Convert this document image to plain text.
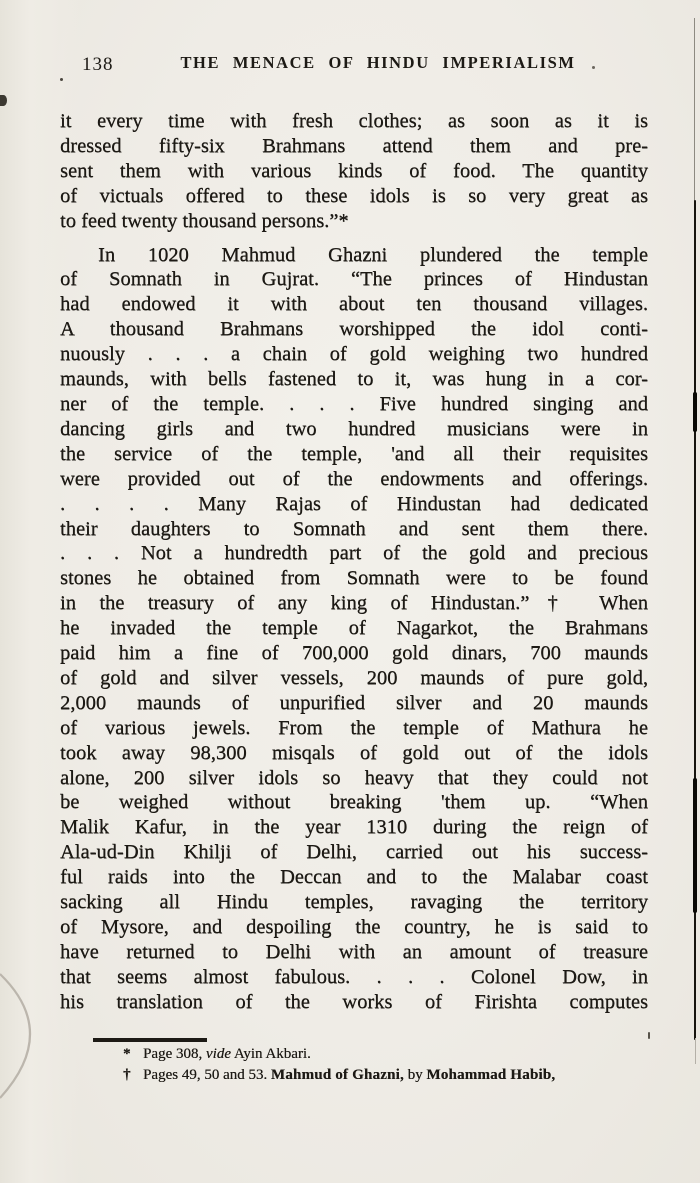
138	THE MENACE OF HINDU IMPERIALISM
it every time with fresh clothes; as soon as it is
dressed fifty-six Brahmans attend them and pre-
sent them with various kinds of food. The quantity
of victuals offered to these idols is so very great as
to feed twenty thousand persons.”*
In 1020 Mahmud Ghazni plundered the temple
of Somnath in Gujrat. “The princes of Hindustan
had endowed it with about ten thousand villages.
A thousand Brahmans worshipped the idol conti-
nuously . . . a chain of gold weighing two hundred
maunds, with bells fastened to it, was hung in a cor-
ner of the temple. . . . Five hundred singing and
dancing girls and two hundred musicians were in
the service of the temple, 'and all their requisites
were provided out of the endowments and offerings.
. . . . Many Rajas of Hindustan had dedicated
their daughters to Somnath and sent them there.
. . . Not a hundredth part of the gold and precious
stones he obtained from Somnath were to be found
in the treasury of any king of Hindustan.”† When
he invaded the temple of Nagarkot, the Brahmans
paid him a fine of 700,000 gold dinars, 700 maunds
of gold and silver vessels, 200 maunds of pure gold,
2,000 maunds of unpurified silver and 20 maunds
of various jewels. From the temple of Mathura he
took away 98,300 misqals of gold out of the idols
alone, 200 silver idols so heavy that they could not
be weighed without breaking 'them up. “When
Malik Kafur, in the year 1310 during the reign of
Ala-ud-Din Khilji of Delhi, carried out his success-
ful raids into the Deccan and to the Malabar coast
sacking all Hindu temples, ravaging the territory
of Mysore, and despoiling the country, he is said to
have returned to Delhi with an amount of treasure
that seems almost fabulous. . . . Colonel Dow, in
his translation of the works of Firishta computes
* Page 308, vide Ayin Akbari.
† Pages 49, 50 and 53. Mahmud of Ghazni, by Mohammad Habib,
